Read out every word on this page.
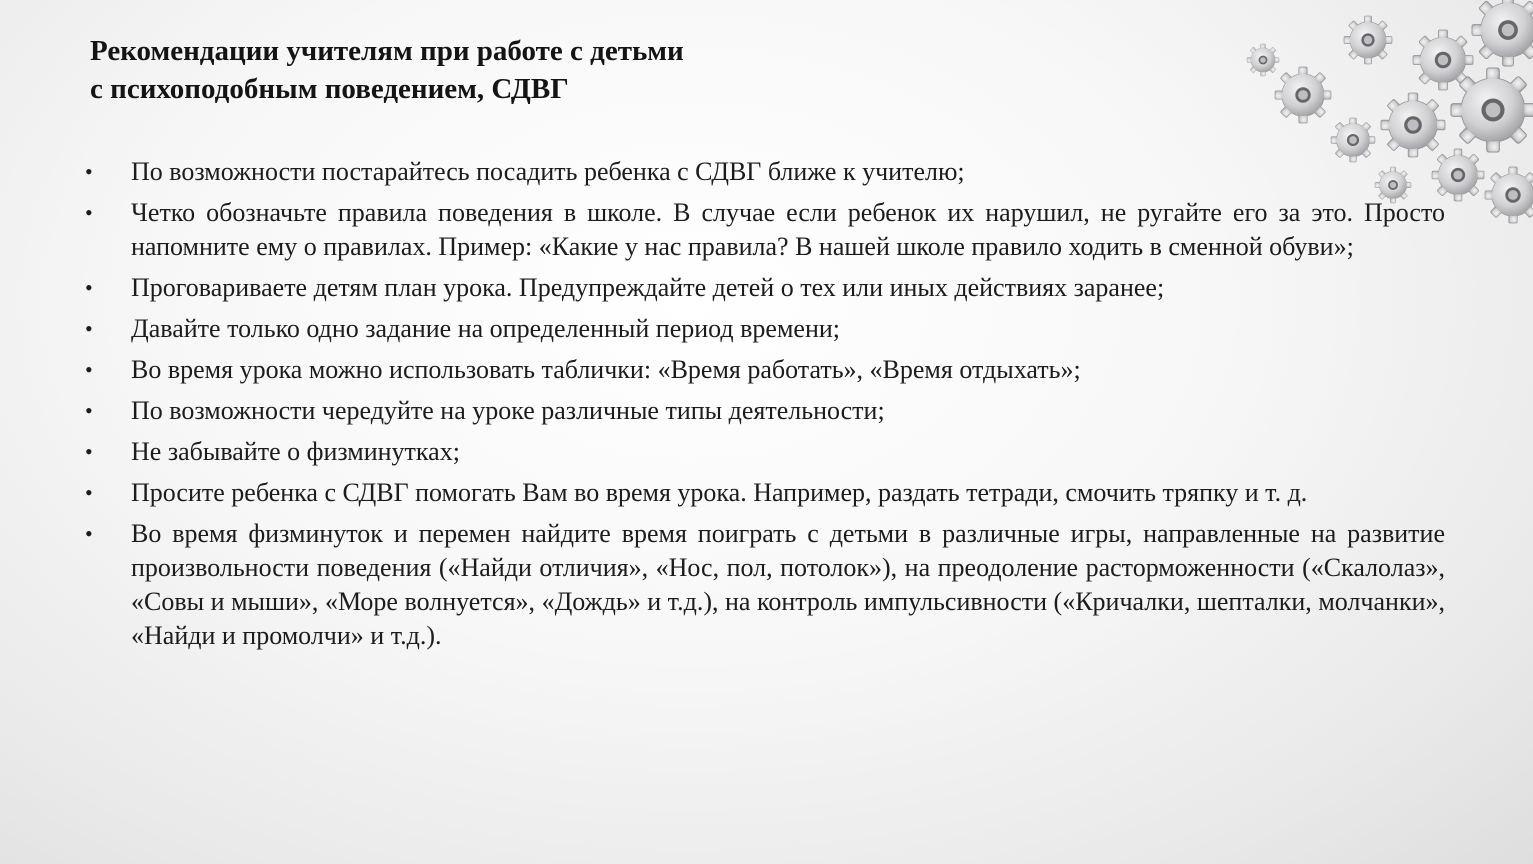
Рекомендации учителям при работе с детьми
с психоподобным поведением, СДВГ
•	По возможности постарайтесь посадить ребенка с СДВГ ближе к учителю;
•	Четко обозначьте правила поведения в школе. В случае если ребенок их нарушил, не ругайте его за это. Просто напомните ему о правилах. Пример: «Какие у нас правила? В нашей школе правило ходить в сменной обуви»;
•	Проговариваете детям план урока. Предупреждайте детей о тех или иных действиях заранее;
•	Давайте только одно задание на определенный период времени;
•	Во время урока можно использовать таблички: «Время работать», «Время отдыхать»;
•	По возможности чередуйте на уроке различные типы деятельности;
•	Не забывайте о физминутках;
•	Просите ребенка с СДВГ помогать Вам во время урока. Например, раздать тетради, смочить тряпку и т. д.
•	Во время физминуток и перемен найдите время поиграть с детьми в различные игры, направленные на развитие произвольности поведения («Найди отличия», «Нос, пол, потолок»), на преодоление расторможенности («Скалолаз», «Совы и мыши», «Море волнуется», «Дождь» и т.д.), на контроль импульсивности («Кричалки, шепталки, молчанки», «Найди и промолчи» и т.д.).
